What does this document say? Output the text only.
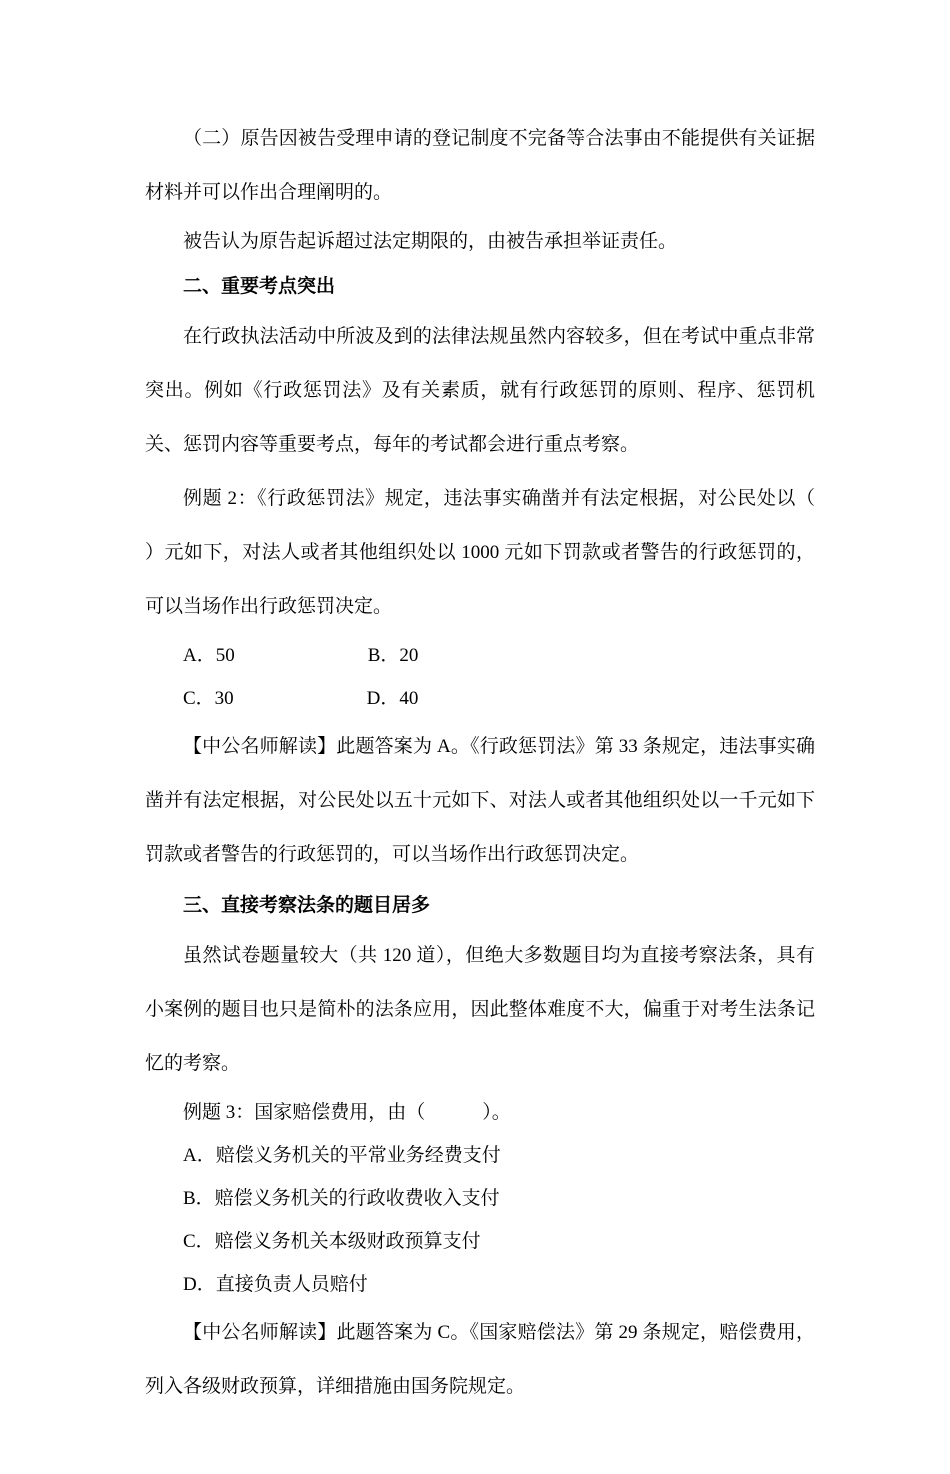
（二）原告因被告受理申请的登记制度不完备等合法事由不能提供有关证据材料并可以作出合理阐明的。

被告认为原告起诉超过法定期限的，由被告承担举证责任。

二、重要考点突出

在行政执法活动中所波及到的法律法规虽然内容较多，但在考试中重点非常突出。例如《行政惩罚法》及有关素质，就有行政惩罚的原则、程序、惩罚机关、惩罚内容等重要考点，每年的考试都会进行重点考察。

例题 2：《行政惩罚法》规定，违法事实确凿并有法定根据，对公民处以（　　　　）元如下，对法人或者其他组织处以 1000 元如下罚款或者警告的行政惩罚的，可以当场作出行政惩罚决定。

A．50　　　　　　　B．20

C．30　　　　　　　D．40

【中公名师解读】此题答案为 A。《行政惩罚法》第 33 条规定，违法事实确凿并有法定根据，对公民处以五十元如下、对法人或者其他组织处以一千元如下罚款或者警告的行政惩罚的，可以当场作出行政惩罚决定。

三、直接考察法条的题目居多

虽然试卷题量较大（共 120 道），但绝大多数题目均为直接考察法条，具有小案例的题目也只是简朴的法条应用，因此整体难度不大，偏重于对考生法条记忆的考察。

例题 3：国家赔偿费用，由（　　　）。

A．赔偿义务机关的平常业务经费支付

B．赔偿义务机关的行政收费收入支付

C．赔偿义务机关本级财政预算支付

D．直接负责人员赔付

【中公名师解读】此题答案为 C。《国家赔偿法》第 29 条规定，赔偿费用，列入各级财政预算，详细措施由国务院规定。
